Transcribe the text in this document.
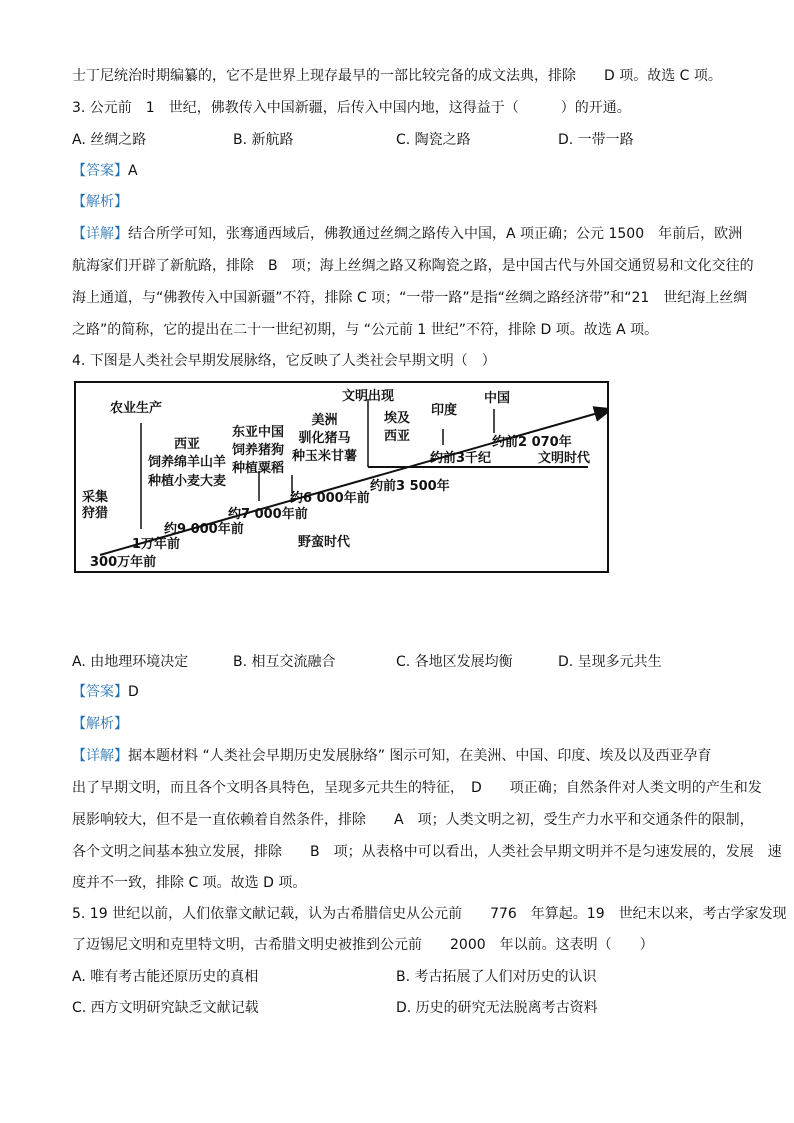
士丁尼统治时期编纂的，它不是世界上现存最早的一部比较完备的成文法典，排除　　D 项。故选 C 项。
3. 公元前　1　世纪，佛教传入中国新疆，后传入中国内地，这得益于（　　　）的开通。
A. 丝绸之路	B. 新航路	C. 陶瓷之路	D. 一带一路
【答案】A
【解析】
【详解】结合所学可知，张骞通西域后，佛教通过丝绸之路传入中国，A 项正确；公元 1500　年前后，欧洲
航海家们开辟了新航路，排除　B　项；海上丝绸之路又称陶瓷之路，是中国古代与外国交通贸易和文化交往的
海上通道，与“佛教传入中国新疆”不符，排除 C 项；“一带一路”是指“丝绸之路经济带”和“21　世纪海上丝绸
之路”的简称，它的提出在二十一世纪初期，与 “公元前 1 世纪”不符，排除 D 项。故选 A 项。
4. 下图是人类社会早期发展脉络，它反映了人类社会早期文明（　）
采集
狩猎
农业生产
西亚
饲养绵羊山羊
种植小麦大麦
东亚中国
饲养猪狗
种植粟稻
美洲
驯化猪马
种玉米甘薯
文明出现
埃及
西亚
印度
中国
300万年前
1万年前
约9 000年前
约7 000年前
约6 000年前
约前3 500年
约前3千纪
约前2 070年
野蛮时代
文明时代
A. 由地理环境决定	B. 相互交流融合	C. 各地区发展均衡	D. 呈现多元共生
【答案】D
【解析】
【详解】据本题材料 “人类社会早期历史发展脉络” 图示可知，在美洲、中国、印度、埃及以及西亚孕育
出了早期文明，而且各个文明各具特色，呈现多元共生的特征，　D　　项正确；自然条件对人类文明的产生和发
展影响较大，但不是一直依赖着自然条件，排除　　A　项；人类文明之初，受生产力水平和交通条件的限制，
各个文明之间基本独立发展，排除　　B　项；从表格中可以看出，人类社会早期文明并不是匀速发展的，发展　速
度并不一致，排除 C 项。故选 D 项。
5. 19 世纪以前，人们依靠文献记载，认为古希腊信史从公元前　　776　年算起。19　世纪末以来，考古学家发现
了迈锡尼文明和克里特文明，古希腊文明史被推到公元前　　2000　年以前。这表明（　　）
A. 唯有考古能还原历史的真相	B. 考古拓展了人们对历史的认识
C. 西方文明研究缺乏文献记载	D. 历史的研究无法脱离考古资料
